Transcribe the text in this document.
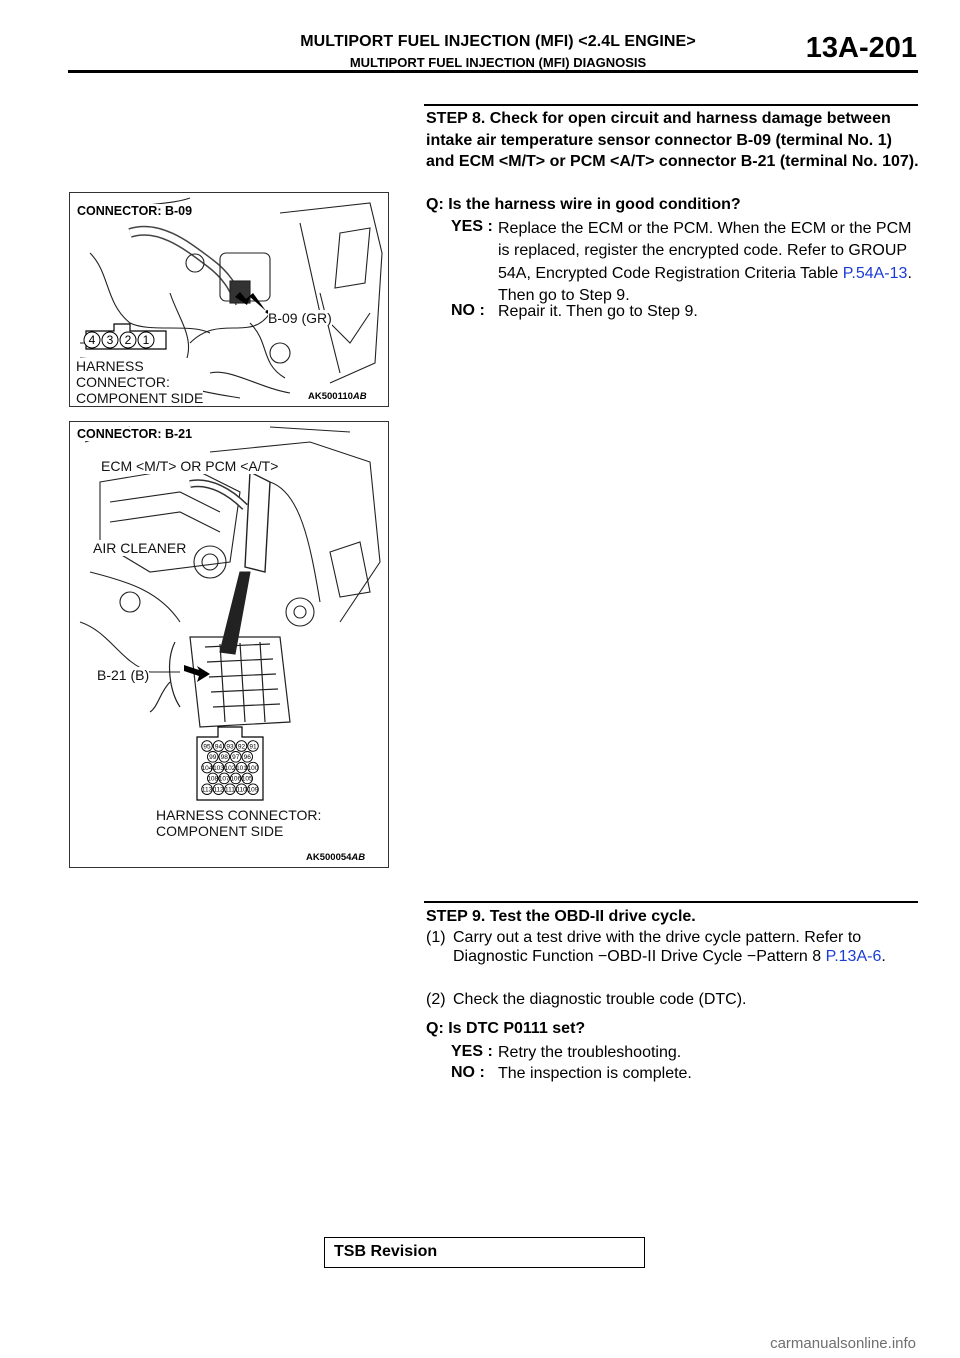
MULTIPORT FUEL INJECTION (MFI) <2.4L ENGINE>
MULTIPORT FUEL INJECTION (MFI) DIAGNOSIS	13A-201
4 3 2 1
CONNECTOR: B-09
B-09 (GR)
HARNESS
CONNECTOR:
COMPONENT SIDE	AK500110AB
95 94 93 92 91
99 98 97 96
104 103 102 101 100
108 107 106 105
113 112 111 110 109
CONNECTOR: B-21
ECM <M/T> OR PCM <A/T>
AIR CLEANER
B-21 (B)
HARNESS CONNECTOR:
COMPONENT SIDE
AK500054AB
STEP 8. Check for open circuit and harness damage between intake air temperature sensor connector B-09 (terminal No. 1) and ECM <M/T> or PCM <A/T> connector B-21 (terminal No. 107).
Q: Is the harness wire in good condition?
YES : Replace the ECM or the PCM. When the ECM or the PCM is replaced, register the encrypted code. Refer to GROUP 54A, Encrypted Code Registration Criteria Table P.54A-13. Then go to Step 9.
NO : Repair it. Then go to Step 9.
STEP 9. Test the OBD-II drive cycle.
(1) Carry out a test drive with the drive cycle pattern. Refer to Diagnostic Function −OBD-II Drive Cycle −Pattern 8 P.13A-6.
(2) Check the diagnostic trouble code (DTC).
Q: Is DTC P0111 set?
YES : Retry the troubleshooting.
NO : The inspection is complete.
TSB Revision
carmanualsonline.info
